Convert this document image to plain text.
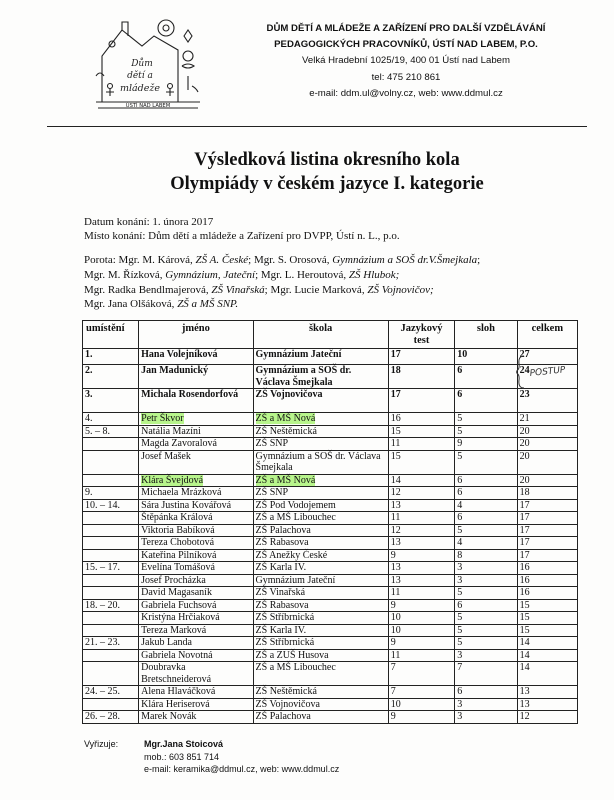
Dům
dětí a
mládeže
ÚSTÍ NAD LABEM
DŮM DĚTÍ A MLÁDEŽE A ZAŘÍZENÍ PRO DALŠÍ VZDĚLÁVÁNÍ
PEDAGOGICKÝCH PRACOVNÍKŮ, ÚSTÍ NAD LABEM, P.O.
Velká Hradební 1025/19, 400 01 Ústí nad Labem
tel: 475 210 861
e-mail: ddm.ul@volny.cz, web: www.ddmul.cz
Výsledková listina okresního kola
Olympiády v českém jazyce I. kategorie
Datum konání: 1. února 2017
Místo konání: Dům dětí a mládeže a Zařízení pro DVPP, Ústí n. L., p.o.
Porota: Mgr. M. Kárová, ZŠ A. České; Mgr. S. Orosová, Gymnázium a SOŠ dr.V.Šmejkala;
Mgr. M. Řízková, Gymnázium, Jateční; Mgr. L. Heroutová, ZŠ Hlubok;
Mgr. Radka Bendlmajerová, ZŠ Vinařská; Mgr. Lucie Marková, ZŠ Vojnovičov;
Mgr. Jana Olšáková, ZŠ a MŠ SNP.
umístění	jméno	škola	Jazykový test	sloh	celkem
1.	Hana Volejníková	Gymnázium Jateční	17	10	27
2.	Jan Madunický	Gymnázium a SOŠ dr. Václava Šmejkala	18	6	24
3.	Michala Rosendorfová	ZŠ Vojnovičova	17	6	23
4.	Petr Škvor	ZŠ a MŠ Nová	16	5	21
5. – 8.	Natália Mazíni	ZŠ Neštěmická	15	5	20
	Magda Zavoralová	ZŠ SNP	11	9	20
	Josef Mašek	Gymnázium a SOŠ dr. Václava Šmejkala	15	5	20
	Klára Švejdová	ZŠ a MŠ Nová	14	6	20
9.	Michaela Mrázková	ZŠ SNP	12	6	18
10. – 14.	Sára Justina Kovářová	ZŠ Pod Vodojemem	13	4	17
	Štěpánka Králová	ZŠ a MŠ Libouchec	11	6	17
	Viktoria Babíková	ZŠ Palachova	12	5	17
	Tereza Chobotová	ZŠ Rabasova	13	4	17
	Kateřina Pilníková	ZŠ Anežky České	9	8	17
15. – 17.	Evelína Tomášová	ZŠ Karla IV.	13	3	16
	Josef Procházka	Gymnázium Jateční	13	3	16
	David Magasaník	ZŠ Vinařská	11	5	16
18. – 20.	Gabriela Fuchsová	ZŠ Rabasova	9	6	15
	Kristýna Hrčiaková	ZŠ Stříbrnická	10	5	15
	Tereza Marková	ZŠ Karla IV.	10	5	15
21. – 23.	Jakub Landa	ZŠ Stříbrnická	9	5	14
	Gabriela Novotná	ZŠ a ZUŠ Husova	11	3	14
	Doubravka Bretschneiderová	ZŠ a MŠ Libouchec	7	7	14
24. – 25.	Alena Hlaváčková	ZŠ Neštěmická	7	6	13
	Klára Heriserová	ZŠ Vojnovičova	10	3	13
26. – 28.	Marek Novák	ZŠ Palachova	9	3	12
POSTUP
Vyřizuje:	Mgr.Jana Stoicová
mob.: 603 851 714
e-mail: keramika@ddmul.cz, web: www.ddmul.cz
